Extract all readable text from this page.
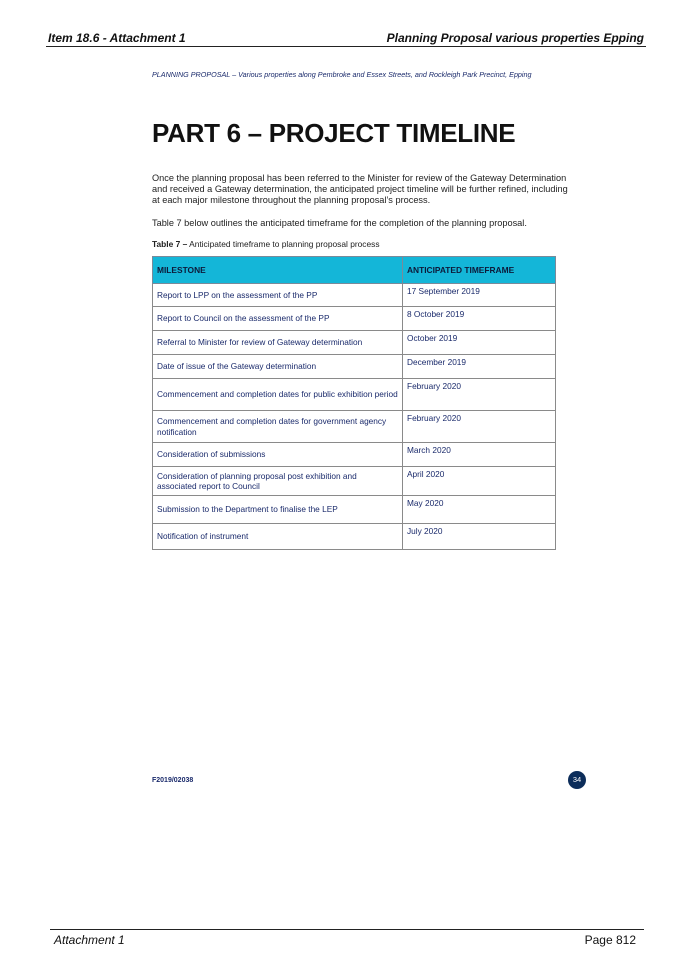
Item 18.6 - Attachment 1	Planning Proposal various properties Epping
PLANNING PROPOSAL – Various properties along Pembroke and Essex Streets, and Rockleigh Park Precinct, Epping
PART 6 – PROJECT TIMELINE

Once the planning proposal has been referred to the Minister for review of the Gateway Determination and received a Gateway determination, the anticipated project timeline will be further refined, including at each major milestone throughout the planning proposal’s process.

Table 7 below outlines the anticipated timeframe for the completion of the planning proposal.

Table 7 – Anticipated timeframe to planning proposal process
MILESTONE	ANTICIPATED TIMEFRAME
Report to LPP on the assessment of the PP	17 September 2019
Report to Council on the assessment of the PP	8 October 2019
Referral to Minister for review of Gateway determination	October 2019
Date of issue of the Gateway determination	December 2019
Commencement and completion dates for public exhibition period	February 2020
Commencement and completion dates for government agency notification	February 2020
Consideration of submissions	March 2020
Consideration of planning proposal post exhibition and associated report to Council	April 2020
Submission to the Department to finalise the LEP	May 2020
Notification of instrument	July 2020
F2019/02038	34
Attachment 1	Page 812
